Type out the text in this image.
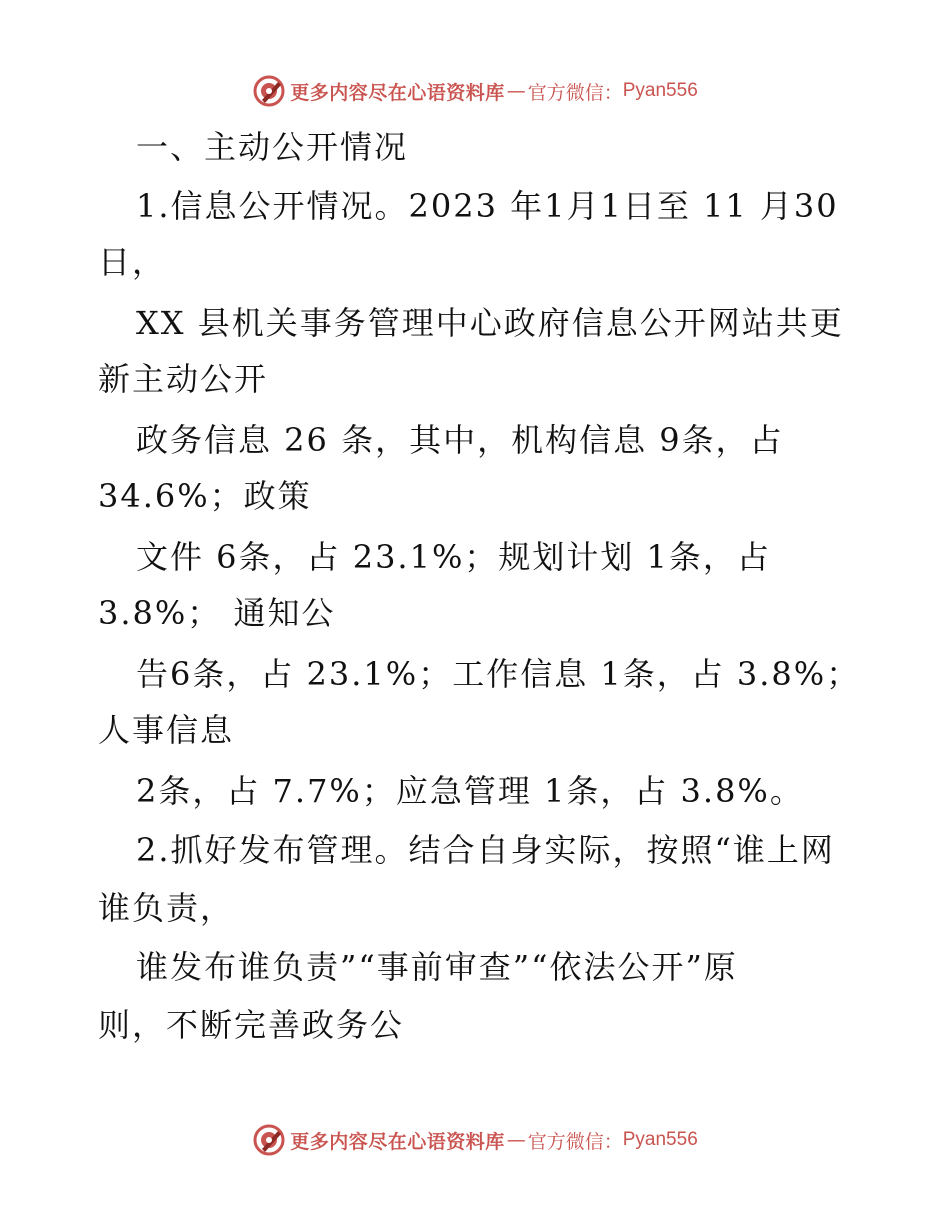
更多内容尽在心语资料库 — 官方微信： Pyan556
一、主动公开情况
1.信息公开情况。2023 年1月1日至 11 月30
日，
XX 县机关事务管理中心政府信息公开网站共更
新主动公开
政务信息 26 条，其中，机构信息 9条，占
34.6%；政策
文件 6条，占 23.1%；规划计划 1条，占
3.8%； 通知公
告6条，占 23.1%；工作信息 1条，占 3.8%；
人事信息
2条，占 7.7%；应急管理 1条，占 3.8%。
2.抓好发布管理。结合自身实际，按照“谁上网
谁负责，
谁发布谁负责”“事前审查”“依法公开”原
则，不断完善政务公
更多内容尽在心语资料库 — 官方微信： Pyan556
